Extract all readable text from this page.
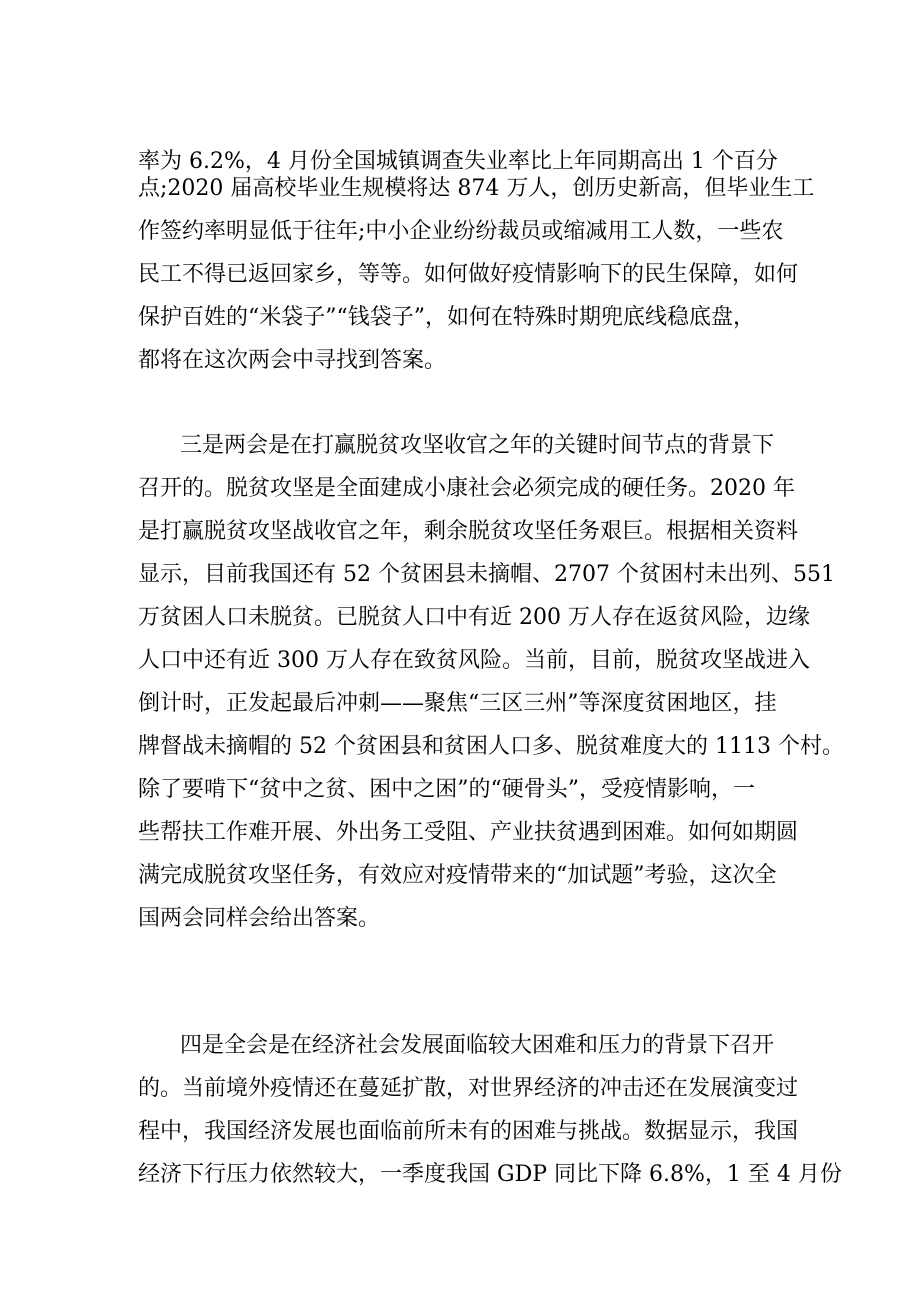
率为 6.2%，4 月份全国城镇调查失业率比上年同期高出 1 个百分
点;2020 届高校毕业生规模将达 874 万人，创历史新高，但毕业生工
作签约率明显低于往年;中小企业纷纷裁员或缩减用工人数，一些农
民工不得已返回家乡，等等。如何做好疫情影响下的民生保障，如何
保护百姓的“米袋子”“钱袋子”，如何在特殊时期兜底线稳底盘，
都将在这次两会中寻找到答案。
三是两会是在打赢脱贫攻坚收官之年的关键时间节点的背景下
召开的。脱贫攻坚是全面建成小康社会必须完成的硬任务。2020 年
是打赢脱贫攻坚战收官之年，剩余脱贫攻坚任务艰巨。根据相关资料
显示，目前我国还有 52 个贫困县未摘帽、2707 个贫困村未出列、551
万贫困人口未脱贫。已脱贫人口中有近 200 万人存在返贫风险，边缘
人口中还有近 300 万人存在致贫风险。当前，目前，脱贫攻坚战进入
倒计时，正发起最后冲刺——聚焦“三区三州”等深度贫困地区，挂
牌督战未摘帽的 52 个贫困县和贫困人口多、脱贫难度大的 1113 个村。
除了要啃下“贫中之贫、困中之困”的“硬骨头”，受疫情影响，一
些帮扶工作难开展、外出务工受阻、产业扶贫遇到困难。如何如期圆
满完成脱贫攻坚任务，有效应对疫情带来的“加试题”考验，这次全
国两会同样会给出答案。
四是全会是在经济社会发展面临较大困难和压力的背景下召开
的。当前境外疫情还在蔓延扩散，对世界经济的冲击还在发展演变过
程中，我国经济发展也面临前所未有的困难与挑战。数据显示，我国
经济下行压力依然较大，一季度我国 GDP 同比下降 6.8%，1 至 4 月份
